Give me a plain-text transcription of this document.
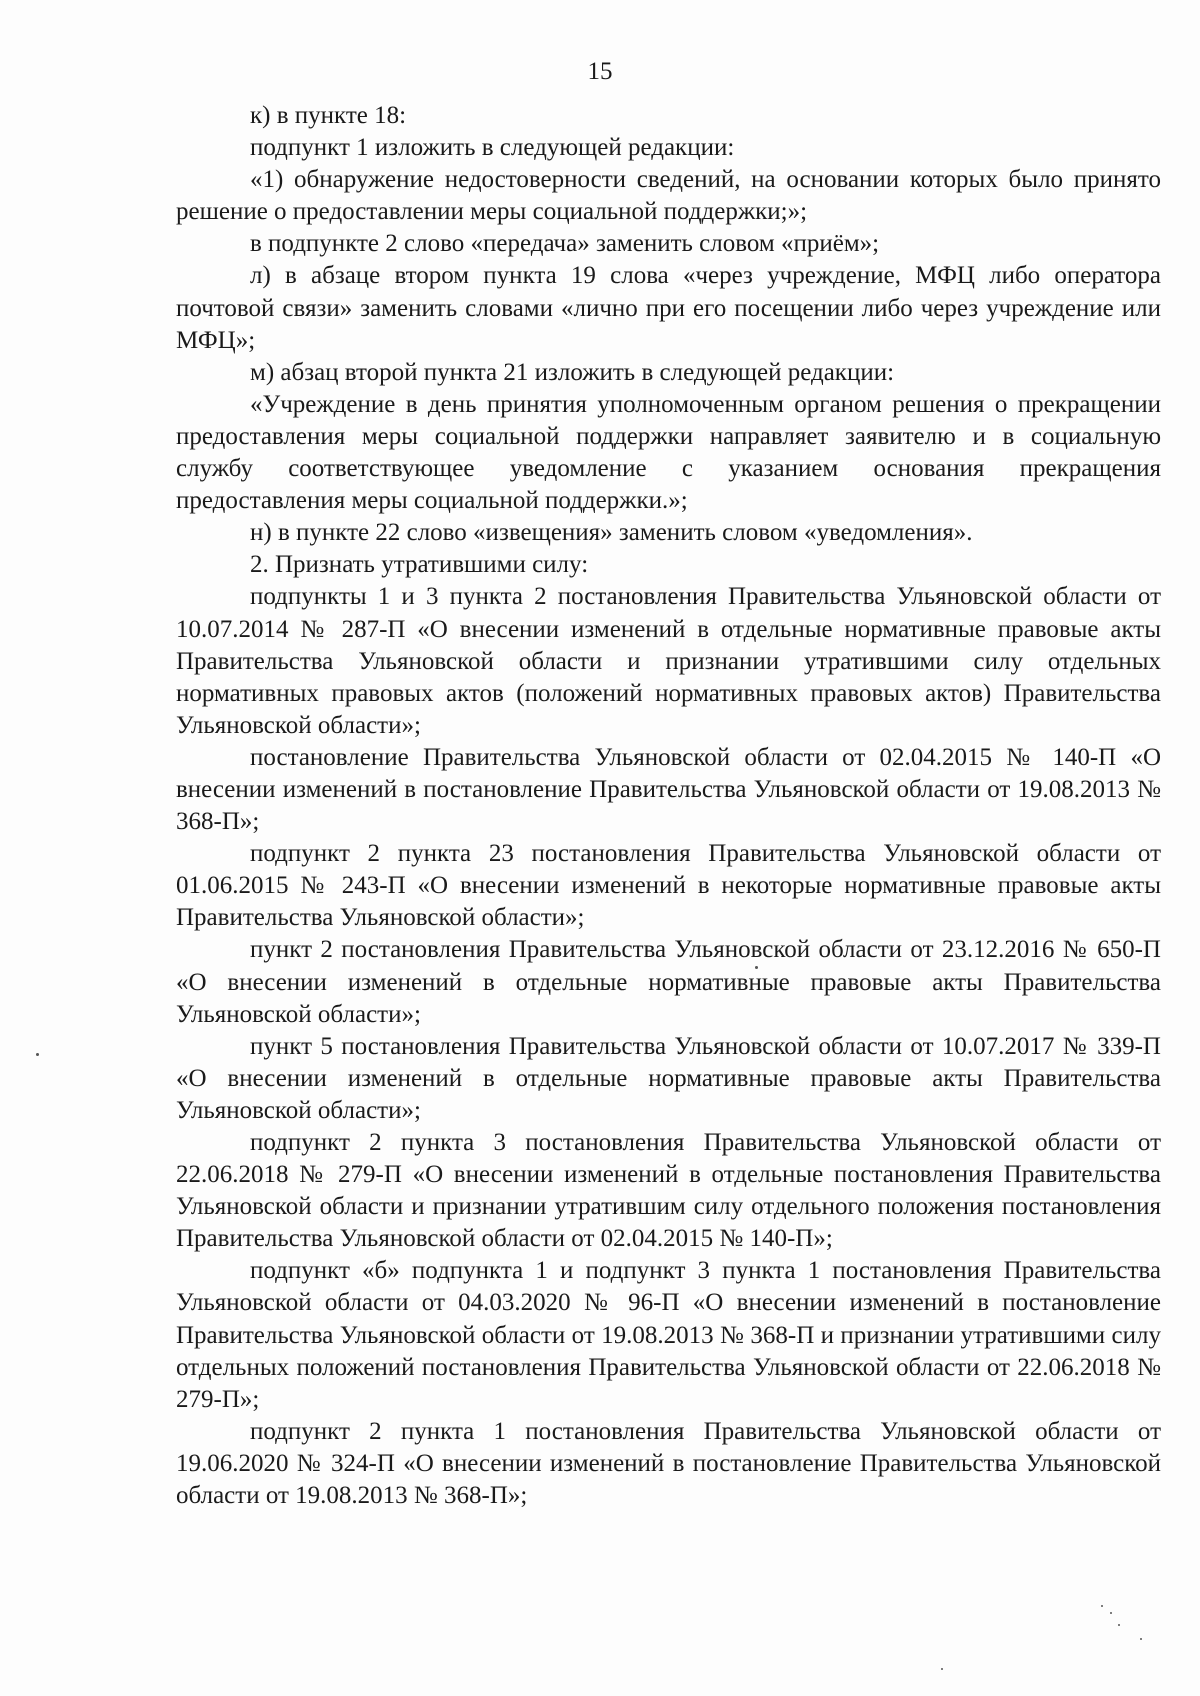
15

к) в пункте 18:

подпункт 1 изложить в следующей редакции:

«1) обнаружение недостоверности сведений, на основании которых было принято решение о предоставлении меры социальной поддержки;»;

в подпункте 2 слово «передача» заменить словом «приём»;

л) в абзаце втором пункта 19 слова «через учреждение, МФЦ либо оператора почтовой связи» заменить словами «лично при его посещении либо через учреждение или МФЦ»;

м) абзац второй пункта 21 изложить в следующей редакции:

«Учреждение в день принятия уполномоченным органом решения о прекращении предоставления меры социальной поддержки направляет заявителю и в социальную службу соответствующее уведомление с указанием основания прекращения предоставления меры социальной поддержки.»;

н) в пункте 22 слово «извещения» заменить словом «уведомления».

2. Признать утратившими силу:

подпункты 1 и 3 пункта 2 постановления Правительства Ульяновской области от 10.07.2014 № 287-П «О внесении изменений в отдельные нормативные правовые акты Правительства Ульяновской области и признании утратившими силу отдельных нормативных правовых актов (положений нормативных правовых актов) Правительства Ульяновской области»;

постановление Правительства Ульяновской области от 02.04.2015 № 140-П «О внесении изменений в постановление Правительства Ульяновской области от 19.08.2013 № 368-П»;

подпункт 2 пункта 23 постановления Правительства Ульяновской области от 01.06.2015 № 243-П «О внесении изменений в некоторые нормативные правовые акты Правительства Ульяновской области»;

пункт 2 постановления Правительства Ульяновской области от 23.12.2016 № 650-П «О внесении изменений в отдельные нормативные правовые акты Правительства Ульяновской области»;

пункт 5 постановления Правительства Ульяновской области от 10.07.2017 № 339-П «О внесении изменений в отдельные нормативные правовые акты Правительства Ульяновской области»;

подпункт 2 пункта 3 постановления Правительства Ульяновской области от 22.06.2018 № 279-П «О внесении изменений в отдельные постановления Правительства Ульяновской области и признании утратившим силу отдельного положения постановления Правительства Ульяновской области от 02.04.2015 № 140-П»;

подпункт «б» подпункта 1 и подпункт 3 пункта 1 постановления Правительства Ульяновской области от 04.03.2020 № 96-П «О внесении изменений в постановление Правительства Ульяновской области от 19.08.2013 № 368-П и признании утратившими силу отдельных положений постановления Правительства Ульяновской области от 22.06.2018 № 279-П»;

подпункт 2 пункта 1 постановления Правительства Ульяновской области от 19.06.2020 № 324-П «О внесении изменений в постановление Правительства Ульяновской области от 19.08.2013 № 368-П»;
